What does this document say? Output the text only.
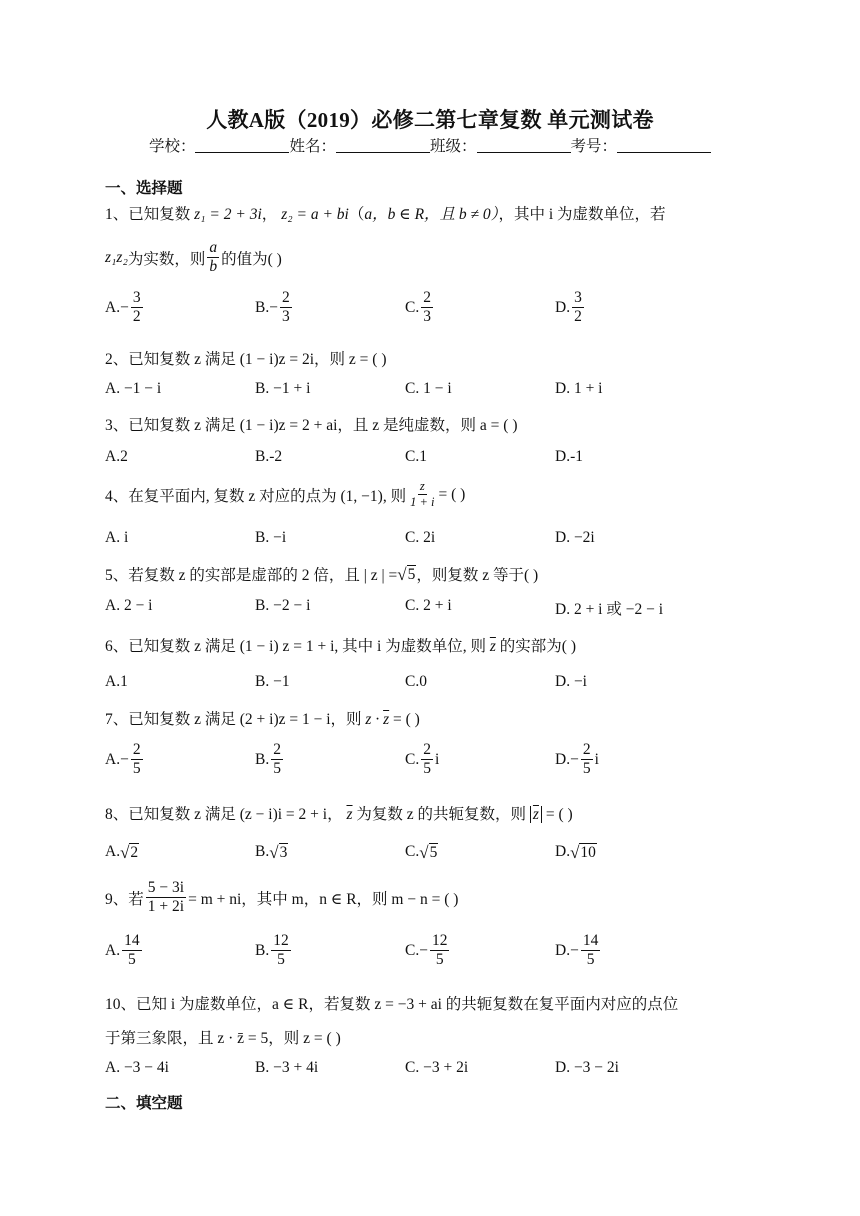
人教A版（2019）必修二第七章复数 单元测试卷
学校：	姓名：	班级：	考号：
一、选择题
1、已知复数 z₁ = 2 + 3i， z₂ = a + bi（a，b ∈ R，且 b ≠ 0），其中 i 为虚数单位，若
z₁z₂ 为实数，则 $\frac{a}{b}$ 的值为( )
A. − $\frac{3}{2}$	B. − $\frac{2}{3}$	C. $\frac{2}{3}$	D. $\frac{3}{2}$
2、已知复数 z 满足 (1 − i)z = 2i，则 z = ( )
A. −1 − i	B. −1 + i	C. 1 − i	D. 1 + i
3、已知复数 z 满足 (1 − i)z = 2 + ai，且 z 是纯虚数，则 a = ( )
A.2	B.-2	C.1	D.-1
4、在复平面内, 复数 z 对应的点为 (1, −1), 则 $\frac{z}{1 + i}$ = ( )
A. i	B. −i	C. 2i	D. −2i
5、若复数 z 的实部是虚部的 2 倍，且 | z | = √ 5 ，则复数 z 等于( )
A. 2 − i	B. −2 − i	C. 2 + i	D. 2 + i 或 −2 − i
6、已知复数 z 满足 (1 − i) z = 1 + i, 其中 i 为虚数单位, 则 $\overline{z}$ 的实部为( )
A.1	B. −1	C.0	D. −i
7、已知复数 z 满足 (2 + i)z = 1 − i，则 $z \cdot \overline{z}$ = ( )
A. − $\frac{2}{5}$	B. $\frac{2}{5}$	C. $\frac{2}{5}$ i	D. − $\frac{2}{5}$ i
8、已知复数 z 满足 (z − i)i = 2 + i， $\overline{z}$ 为复数 z 的共轭复数，则 $\overline{z}$ = ( )
A. √ 2	B. √ 3	C. √ 5	D. √ 10
9、若 $\frac{5 - 3i}{1 + 2i} = m$ + ni，其中 m，n ∈ R，则 m − n = ( )
A. $\frac{14}{5}$	B. $\frac{12}{5}$	C. − $\frac{12}{5}$	D. − $\frac{14}{5}$
10、已知 i 为虚数单位，a ∈ R，若复数 z = −3 + ai 的共轭复数在复平面内对应的点位
于第三象限，且 z · z̄ = 5，则 z = ( )
A. −3 − 4i	B. −3 + 4i	C. −3 + 2i	D. −3 − 2i
二、填空题
